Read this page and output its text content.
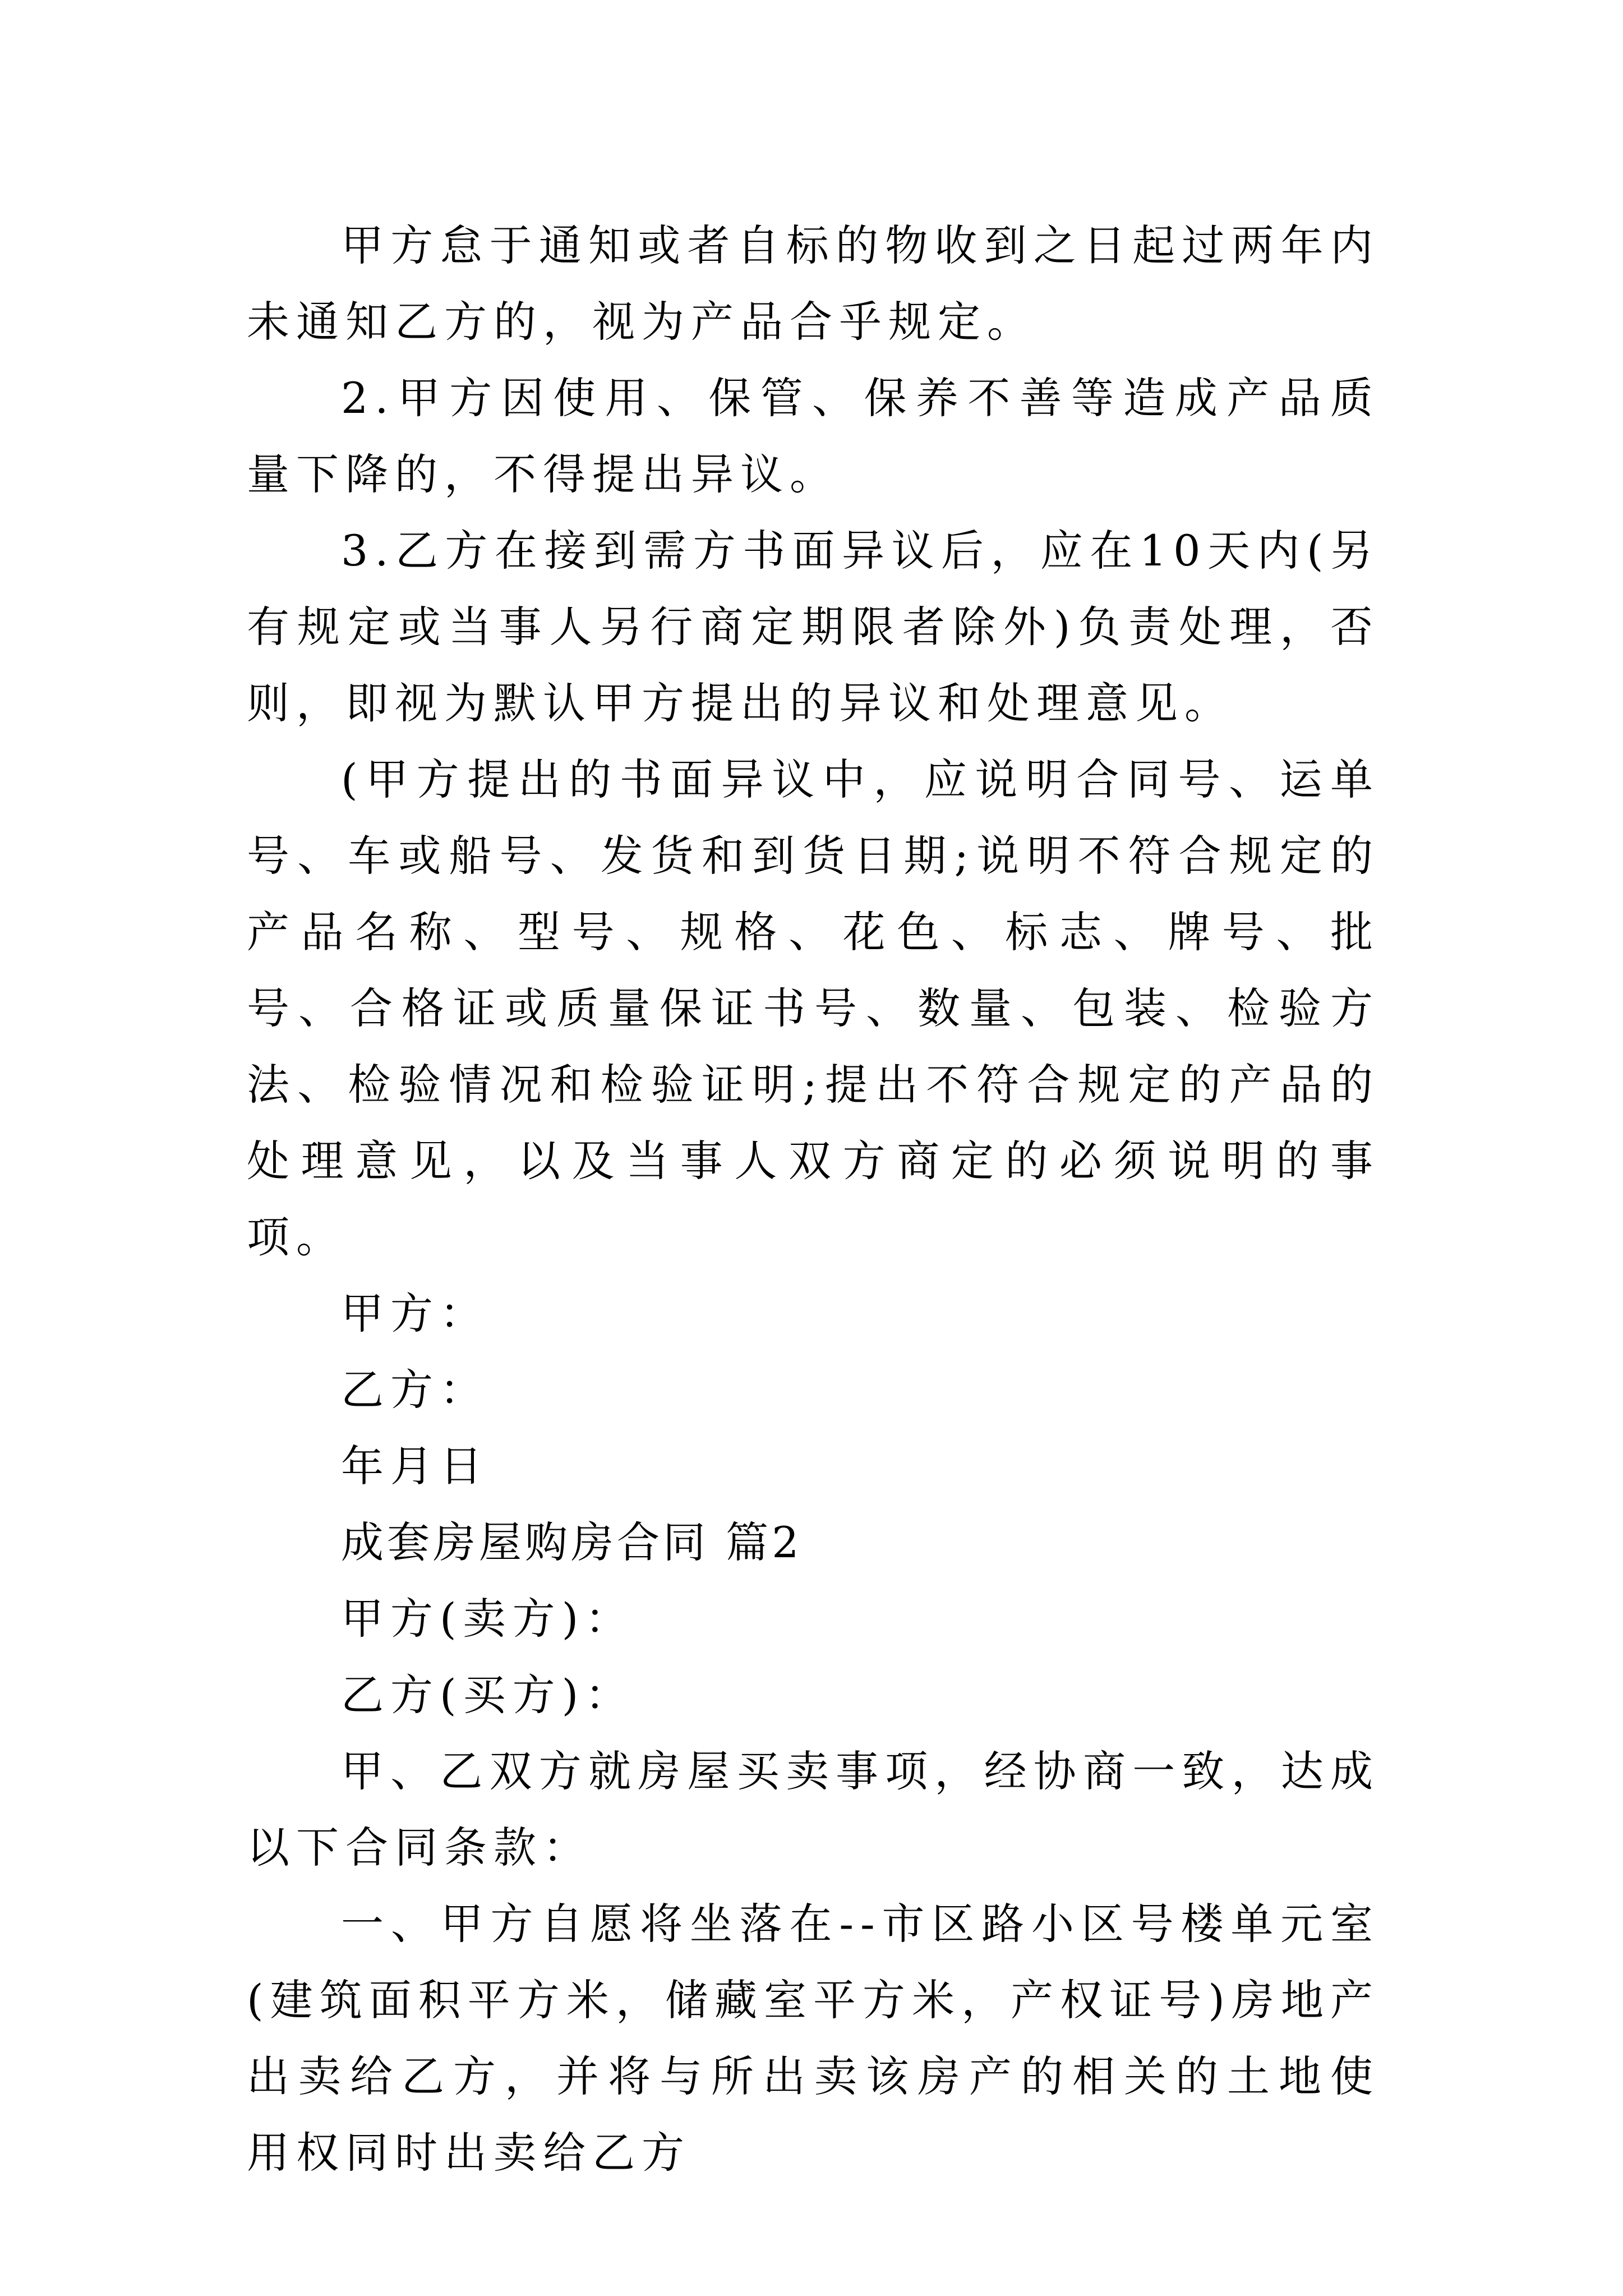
甲方怠于通知或者自标的物收到之日起过两年内未通知乙方的，视为产品合乎规定。

2.甲方因使用、保管、保养不善等造成产品质量下降的，不得提出异议。

3.乙方在接到需方书面异议后，应在10天内(另有规定或当事人另行商定期限者除外)负责处理，否则，即视为默认甲方提出的异议和处理意见。

(甲方提出的书面异议中，应说明合同号、运单号、车或船号、发货和到货日期;说明不符合规定的产品名称、型号、规格、花色、标志、牌号、批号、合格证或质量保证书号、数量、包装、检验方法、检验情况和检验证明;提出不符合规定的产品的处理意见，以及当事人双方商定的必须说明的事项。

甲方：

乙方：

年月日

成套房屋购房合同 篇2

甲方(卖方)：

乙方(买方)：

甲、乙双方就房屋买卖事项，经协商一致，达成以下合同条款：

一、甲方自愿将坐落在--市区路小区号楼单元室(建筑面积平方米，储藏室平方米，产权证号)房地产出卖给乙方，并将与所出卖该房产的相关的土地使用权同时出卖给乙方
